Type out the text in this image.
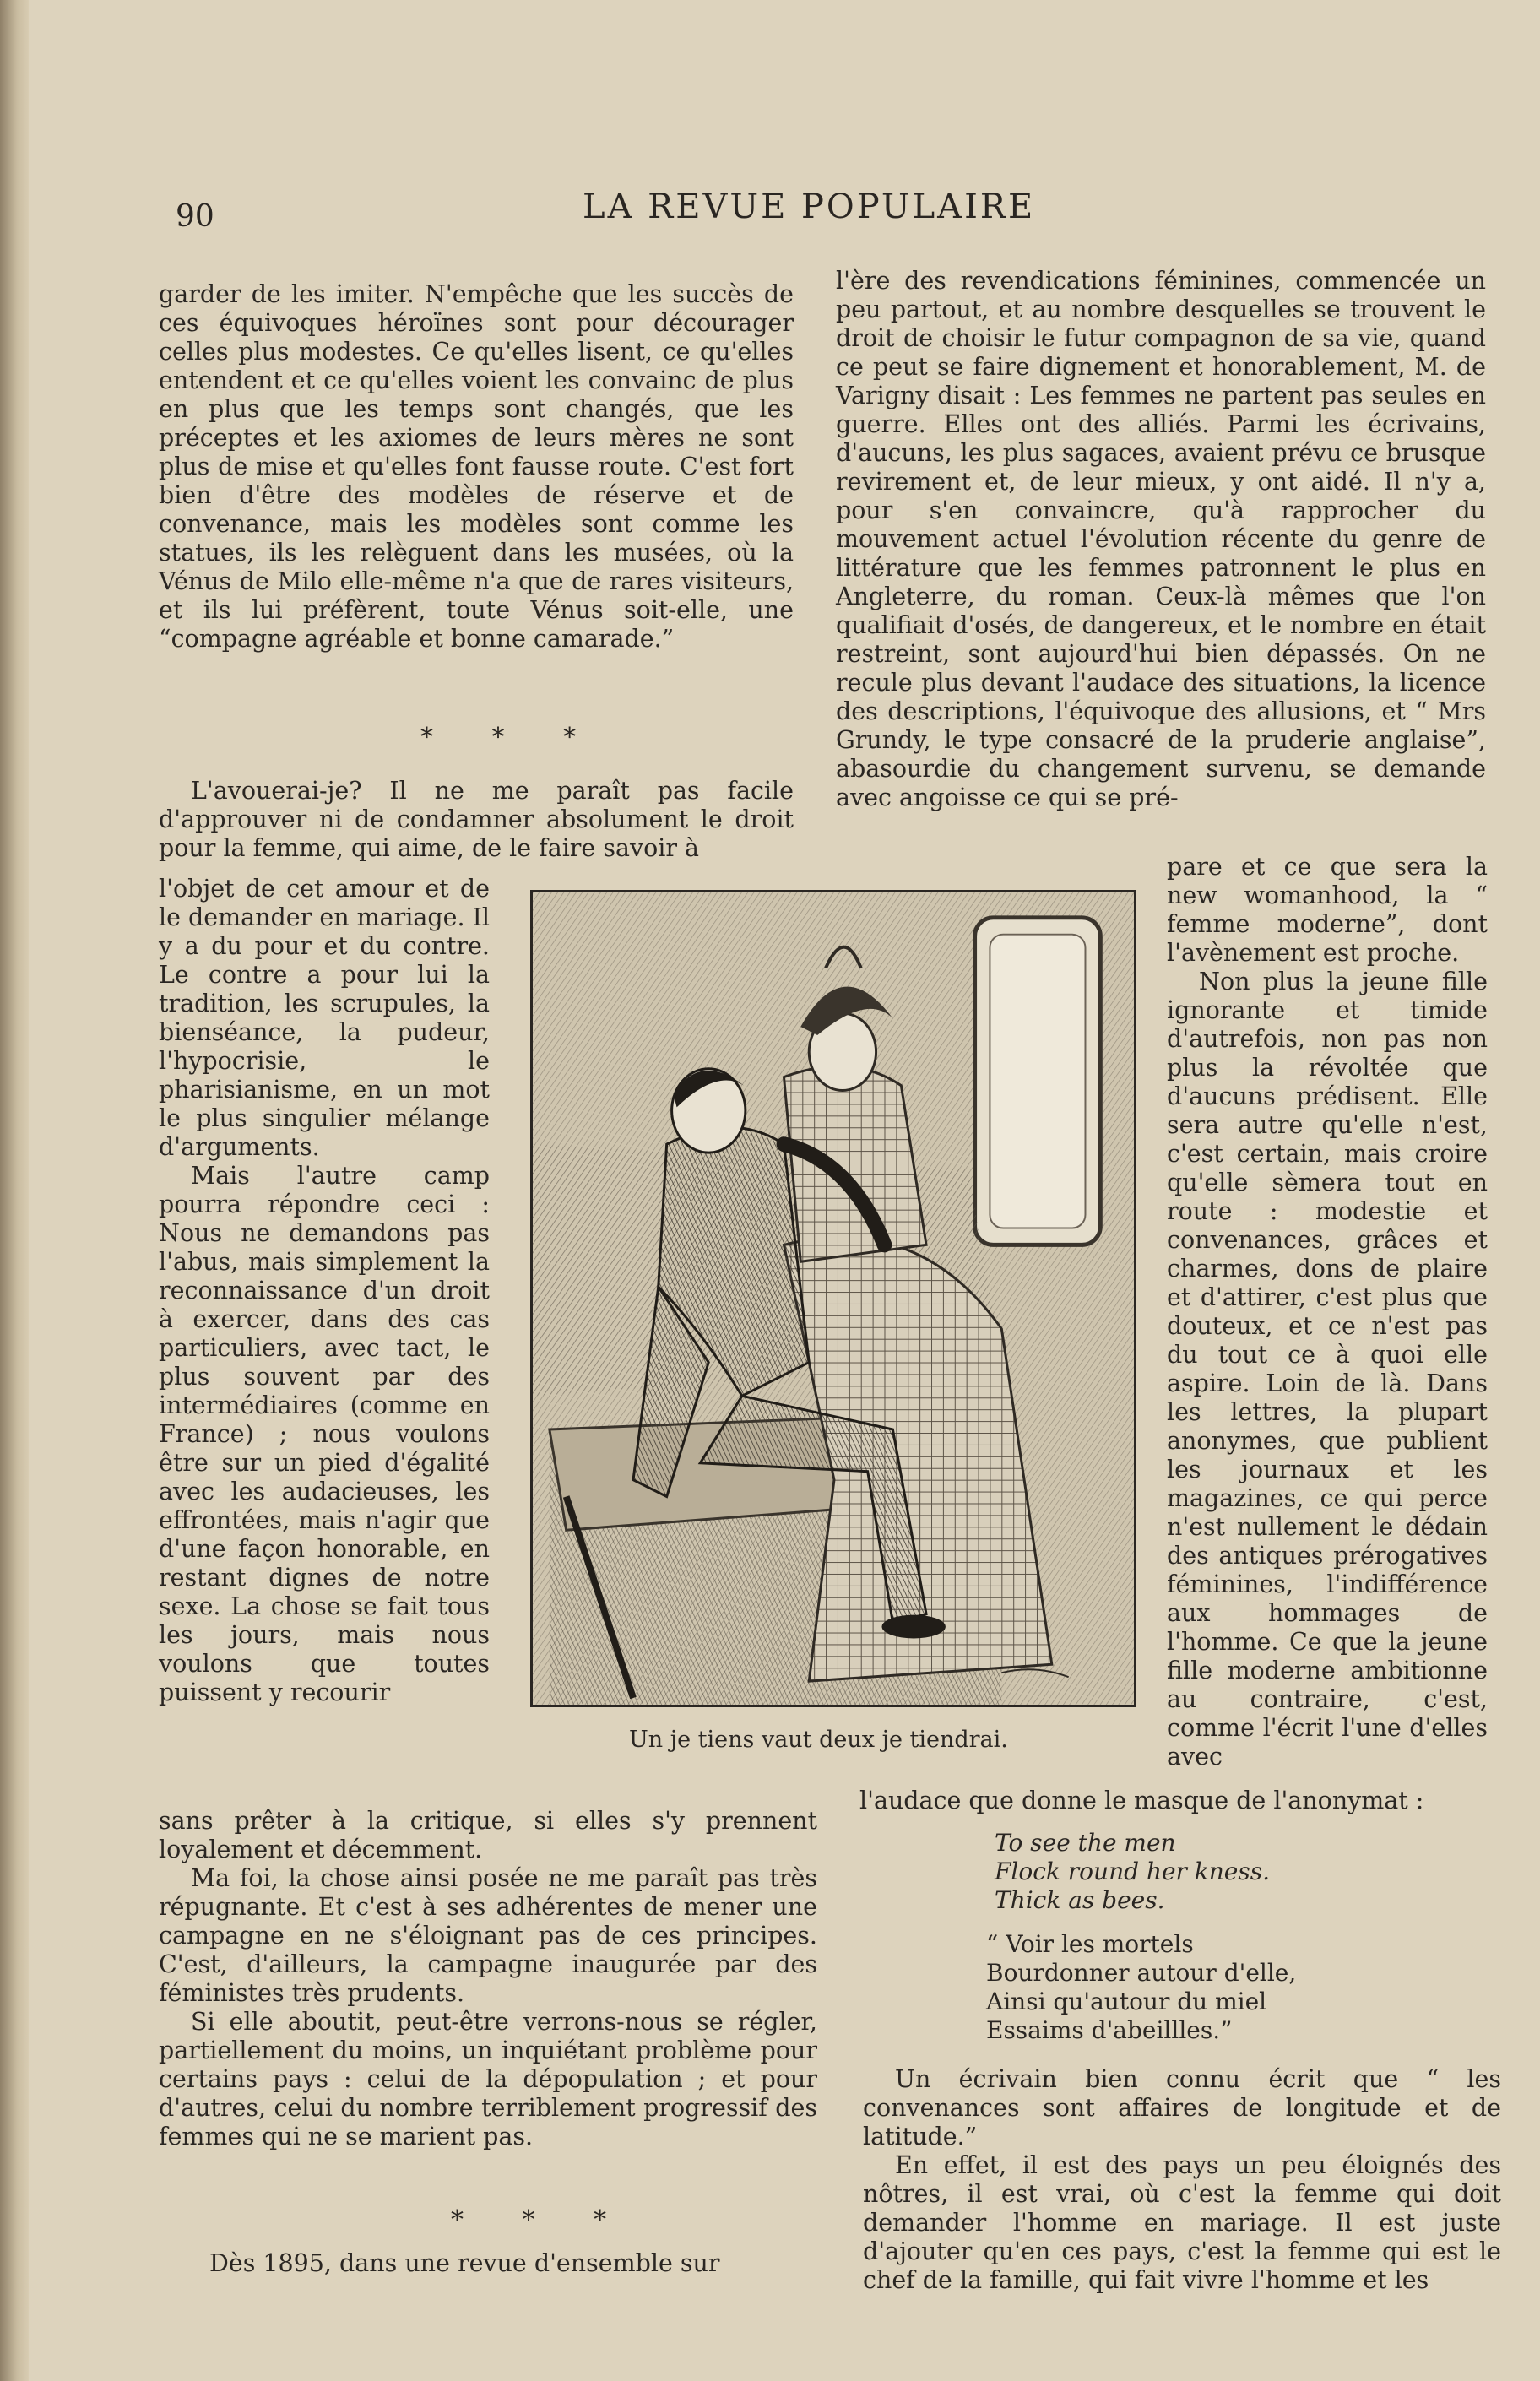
90	LA REVUE POPULAIRE

garder de les imiter. N'empêche que les succès de ces équivoques héroïnes sont pour décourager celles plus modestes. Ce qu'elles lisent, ce qu'elles entendent et ce qu'elles voient les convainc de plus en plus que les temps sont changés, que les préceptes et les axiomes de leurs mères ne sont plus de mise et qu'elles font fausse route. C'est fort bien d'être des modèles de réserve et de convenance, mais les modèles sont comme les statues, ils les relèguent dans les musées, où la Vénus de Milo elle-même n'a que de rares visiteurs, et ils lui préfèrent, toute Vénus soit-elle, une “compagne agréable et bonne camarade.”

* * *

L'avouerai-je? Il ne me paraît pas facile d'approuver ni de condamner absolument le droit pour la femme, qui aime, de le faire savoir à

l'objet de cet amour et de le demander en mariage. Il y a du pour et du contre. Le contre a pour lui la tradition, les scrupules, la bienséance, la pudeur, l'hypocrisie, le pharisianisme, en un mot le plus singulier mélange d'arguments.

Mais l'autre camp pourra répondre ceci : Nous ne demandons pas l'abus, mais simplement la reconnaissance d'un droit à exercer, dans des cas particuliers, avec tact, le plus souvent par des intermédiaires (comme en France) ; nous voulons être sur un pied d'égalité avec les audacieuses, les effrontées, mais n'agir que d'une façon honorable, en restant dignes de notre sexe. La chose se fait tous les jours, mais nous voulons que toutes puissent y recourir

sans prêter à la critique, si elles s'y prennent loyalement et décemment.

Ma foi, la chose ainsi posée ne me paraît pas très répugnante. Et c'est à ses adhérentes de mener une campagne en ne s'éloignant pas de ces principes. C'est, d'ailleurs, la campagne inaugurée par des féministes très prudents.

Si elle aboutit, peut-être verrons-nous se régler, partiellement du moins, un inquiétant problème pour certains pays : celui de la dépopulation ; et pour d'autres, celui du nombre terriblement progressif des femmes qui ne se marient pas.

* * *

Dès 1895, dans une revue d'ensemble sur

l'ère des revendications féminines, commencée un peu partout, et au nombre desquelles se trouvent le droit de choisir le futur compagnon de sa vie, quand ce peut se faire dignement et honorablement, M. de Varigny disait : Les femmes ne partent pas seules en guerre. Elles ont des alliés. Parmi les écrivains, d'aucuns, les plus sagaces, avaient prévu ce brusque revirement et, de leur mieux, y ont aidé. Il n'y a, pour s'en convaincre, qu'à rapprocher du mouvement actuel l'évolution récente du genre de littérature que les femmes patronnent le plus en Angleterre, du roman. Ceux-là mêmes que l'on qualifiait d'osés, de dangereux, et le nombre en était restreint, sont aujourd'hui bien dépassés. On ne recule plus devant l'audace des situations, la licence des descriptions, l'équivoque des allusions, et “ Mrs Grundy, le type consacré de la pruderie anglaise”, abasourdie du changement survenu, se demande avec angoisse ce qui se pré-

pare et ce que sera la new womanhood, la “ femme moderne”, dont l'avènement est proche.

Non plus la jeune fille ignorante et timide d'autrefois, non pas non plus la révoltée que d'aucuns prédisent. Elle sera autre qu'elle n'est, c'est certain, mais croire qu'elle sèmera tout en route : modestie et convenances, grâces et charmes, dons de plaire et d'attirer, c'est plus que douteux, et ce n'est pas du tout ce à quoi elle aspire. Loin de là. Dans les lettres, la plupart anonymes, que publient les journaux et les magazines, ce qui perce n'est nullement le dédain des antiques prérogatives féminines, l'indifférence aux hommages de l'homme. Ce que la jeune fille moderne ambitionne au contraire, c'est, comme l'écrit l'une d'elles avec

l'audace que donne le masque de l'anonymat :

To see the men
Flock round her kness.
Thick as bees.
“ Voir les mortels
Bourdonner autour d'elle,
Ainsi qu'autour du miel
Essaims d'abeillles.”

Un écrivain bien connu écrit que “ les convenances sont affaires de longitude et de latitude.”

En effet, il est des pays un peu éloignés des nôtres, il est vrai, où c'est la femme qui doit demander l'homme en mariage. Il est juste d'ajouter qu'en ces pays, c'est la femme qui est le chef de la famille, qui fait vivre l'homme et les

Un je tiens vaut deux je tiendrai.
